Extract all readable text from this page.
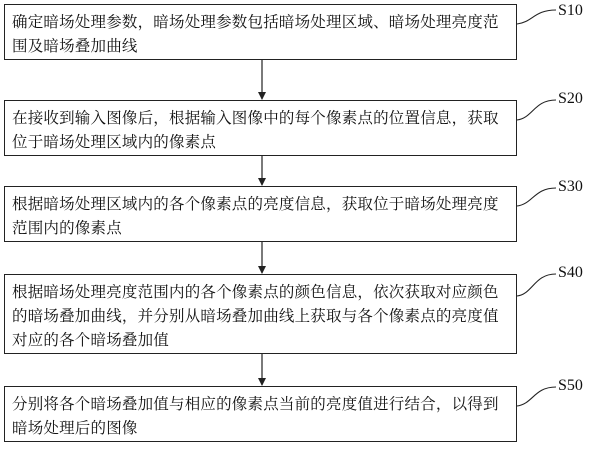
确定暗场处理参数，暗场处理参数包括暗场处理区域、暗场处理亮度范围及暗场叠加曲线
在接收到输入图像后，根据输入图像中的每个像素点的位置信息，获取位于暗场处理区域内的像素点
根据暗场处理区域内的各个像素点的亮度信息，获取位于暗场处理亮度范围内的像素点
根据暗场处理亮度范围内的各个像素点的颜色信息，依次获取对应颜色的暗场叠加曲线，并分别从暗场叠加曲线上获取与各个像素点的亮度值对应的各个暗场叠加值
分别将各个暗场叠加值与相应的像素点当前的亮度值进行结合，以得到暗场处理后的图像
S10
S20
S30
S40
S50
